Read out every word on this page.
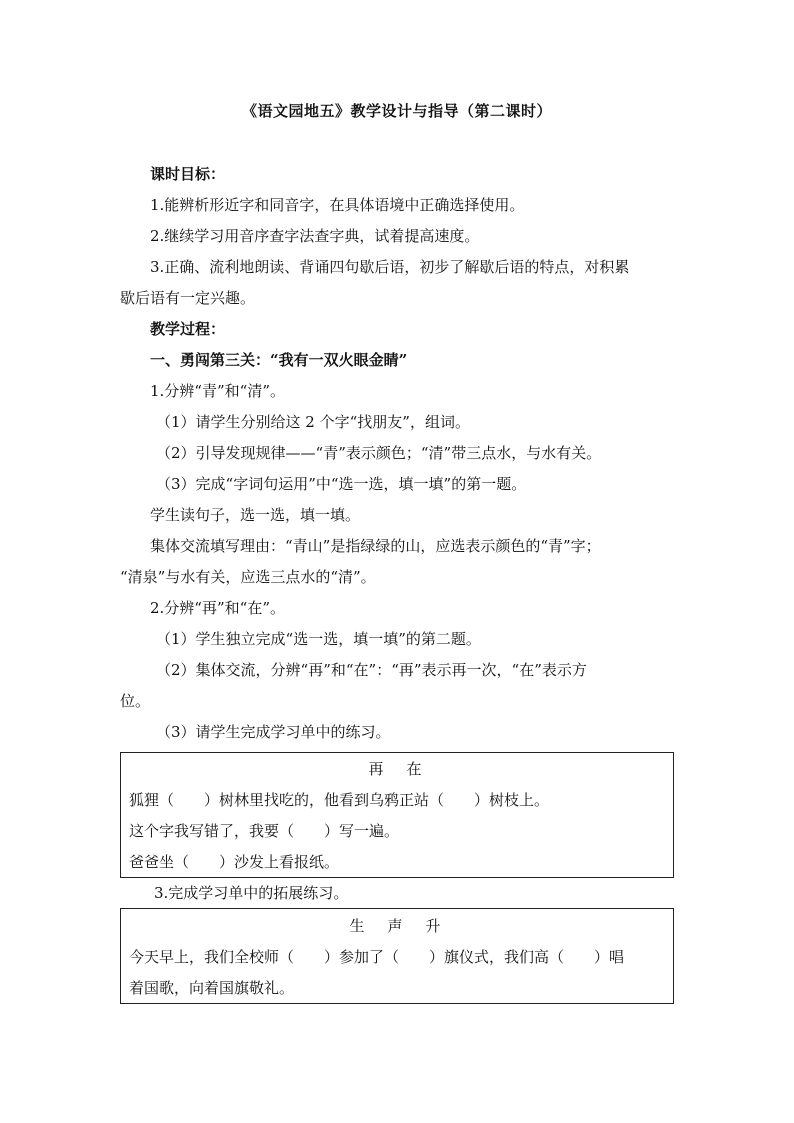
《语文园地五》教学设计与指导（第二课时）
课时目标：
1.能辨析形近字和同音字，在具体语境中正确选择使用。
2.继续学习用音序查字法查字典，试着提高速度。
3.正确、流利地朗读、背诵四句歇后语，初步了解歇后语的特点，对积累
歇后语有一定兴趣。
教学过程：
一、勇闯第三关：“我有一双火眼金睛”
1.分辨“青”和“清”。
（1）请学生分别给这 2 个字“找朋友”，组词。
（2）引导发现规律——“青”表示颜色；“清”带三点水，与水有关。
（3）完成“字词句运用”中“选一选，填一填”的第一题。
学生读句子，选一选，填一填。
集体交流填写理由：“青山”是指绿绿的山，应选表示颜色的“青”字；
“清泉”与水有关，应选三点水的“清”。
2.分辨“再”和“在”。
（1）学生独立完成“选一选，填一填”的第二题。
（2）集体交流，分辨“再”和“在”：“再”表示再一次，“在”表示方
位。
（3）请学生完成学习单中的练习。
再　在
狐狸（　　）树林里找吃的，他看到乌鸦正站（　　）树枝上。
这个字我写错了，我要（　　）写一遍。
爸爸坐（　　）沙发上看报纸。
3.完成学习单中的拓展练习。
生　声　升
今天早上，我们全校师（　　）参加了（　　）旗仪式，我们高（　　）唱
着国歌，向着国旗敬礼。
